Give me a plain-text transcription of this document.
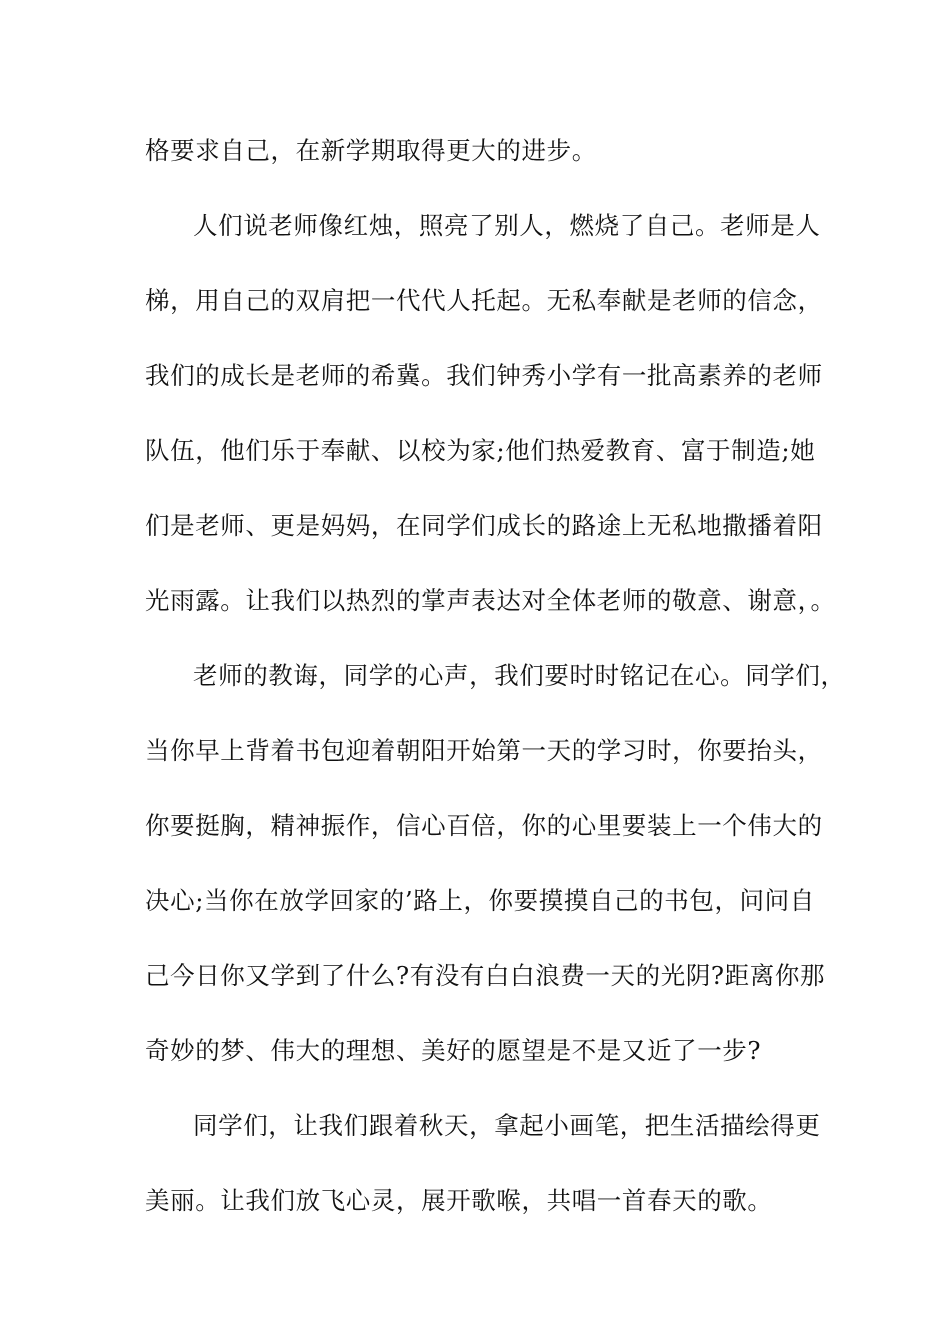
格要求自己，在新学期取得更大的进步。
人们说老师像红烛，照亮了别人，燃烧了自己。老师是人
梯，用自己的双肩把一代代人托起。无私奉献是老师的信念，
我们的成长是老师的希冀。我们钟秀小学有一批高素养的老师
队伍，他们乐于奉献、以校为家;他们热爱教育、富于制造;她
们是老师、更是妈妈，在同学们成长的路途上无私地撒播着阳
光雨露。让我们以热烈的掌声表达对全体老师的敬意、谢意，。
老师的教诲，同学的心声，我们要时时铭记在心。同学们，
当你早上背着书包迎着朝阳开始第一天的学习时，你要抬头，
你要挺胸，精神振作，信心百倍，你的心里要装上一个伟大的
决心;当你在放学回家的’路上，你要摸摸自己的书包，问问自
己今日你又学到了什么?有没有白白浪费一天的光阴?距离你那
奇妙的梦、伟大的理想、美好的愿望是不是又近了一步?
同学们，让我们跟着秋天，拿起小画笔，把生活描绘得更
美丽。让我们放飞心灵，展开歌喉，共唱一首春天的歌。
